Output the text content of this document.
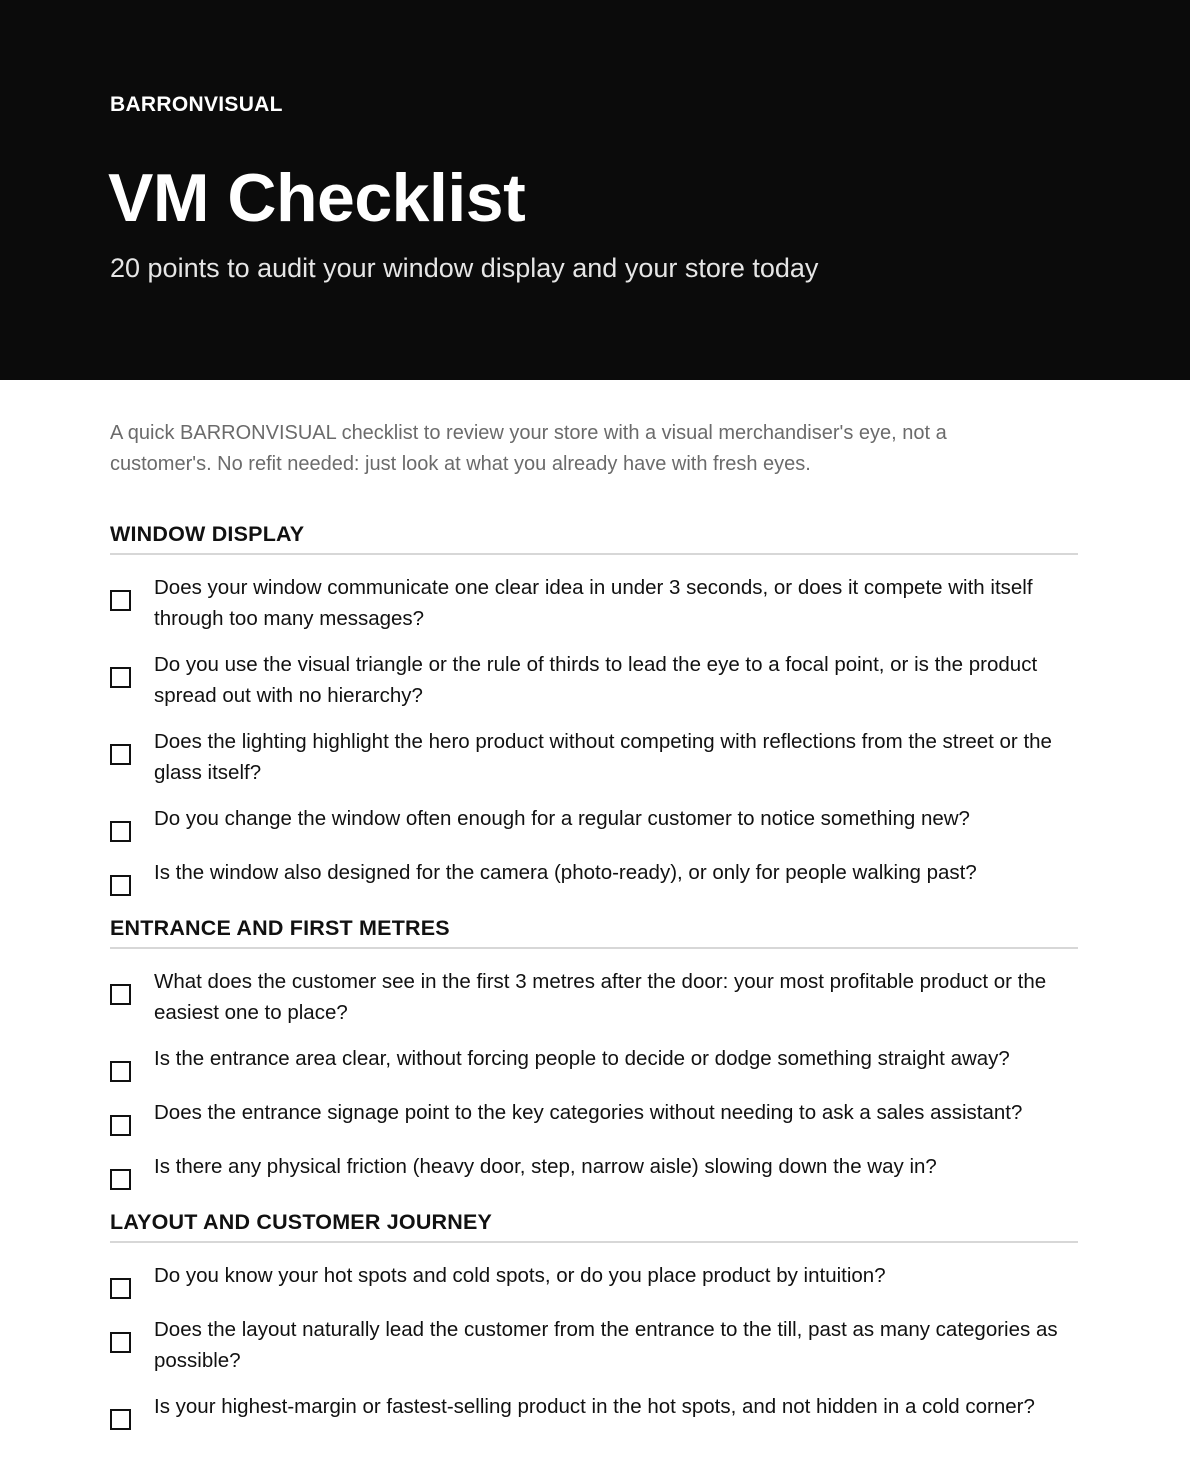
BARRONVISUAL
VM Checklist
20 points to audit your window display and your store today

A quick BARRONVISUAL checklist to review your store with a visual merchandiser's eye, not a customer's. No refit needed: just look at what you already have with fresh eyes.

WINDOW DISPLAY
Does your window communicate one clear idea in under 3 seconds, or does it compete with itself through too many messages?
Do you use the visual triangle or the rule of thirds to lead the eye to a focal point, or is the product spread out with no hierarchy?
Does the lighting highlight the hero product without competing with reflections from the street or the glass itself?
Do you change the window often enough for a regular customer to notice something new?
Is the window also designed for the camera (photo-ready), or only for people walking past?
ENTRANCE AND FIRST METRES
What does the customer see in the first 3 metres after the door: your most profitable product or the easiest one to place?
Is the entrance area clear, without forcing people to decide or dodge something straight away?
Does the entrance signage point to the key categories without needing to ask a sales assistant?
Is there any physical friction (heavy door, step, narrow aisle) slowing down the way in?
LAYOUT AND CUSTOMER JOURNEY
Do you know your hot spots and cold spots, or do you place product by intuition?
Does the layout naturally lead the customer from the entrance to the till, past as many categories as possible?
Is your highest-margin or fastest-selling product in the hot spots, and not hidden in a cold corner?
